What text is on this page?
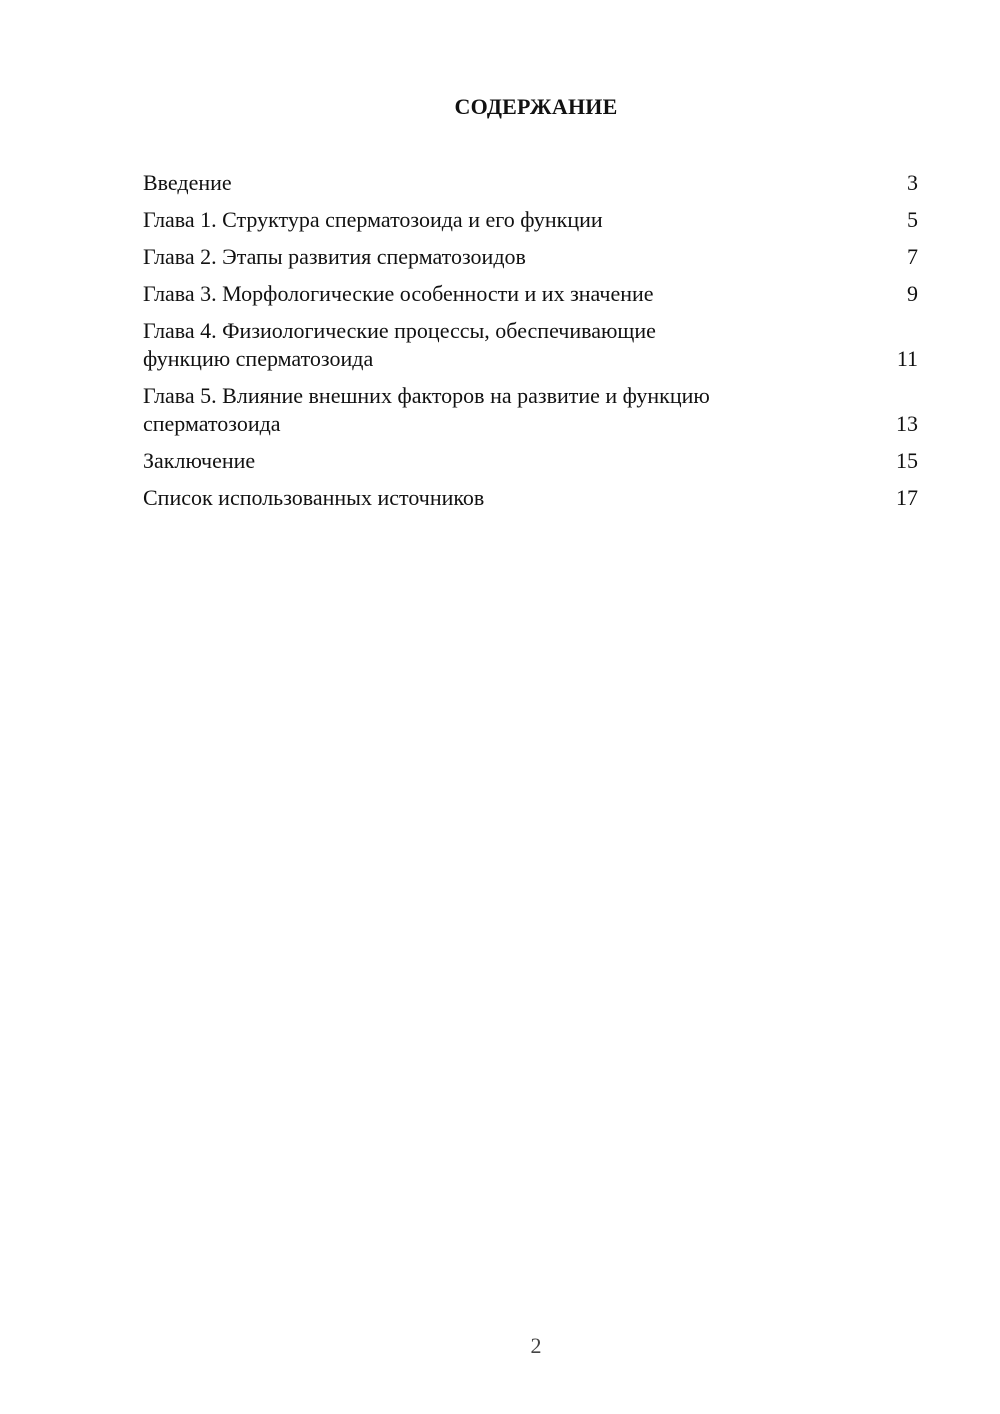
СОДЕРЖАНИЕ
Введение	3
Глава 1. Структура сперматозоида и его функции	5
Глава 2. Этапы развития сперматозоидов	7
Глава 3. Морфологические особенности и их значение	9
Глава 4. Физиологические процессы, обеспечивающие
функцию сперматозоида	11
Глава 5. Влияние внешних факторов на развитие и функцию
сперматозоида	13
Заключение	15
Список использованных источников	17
2
